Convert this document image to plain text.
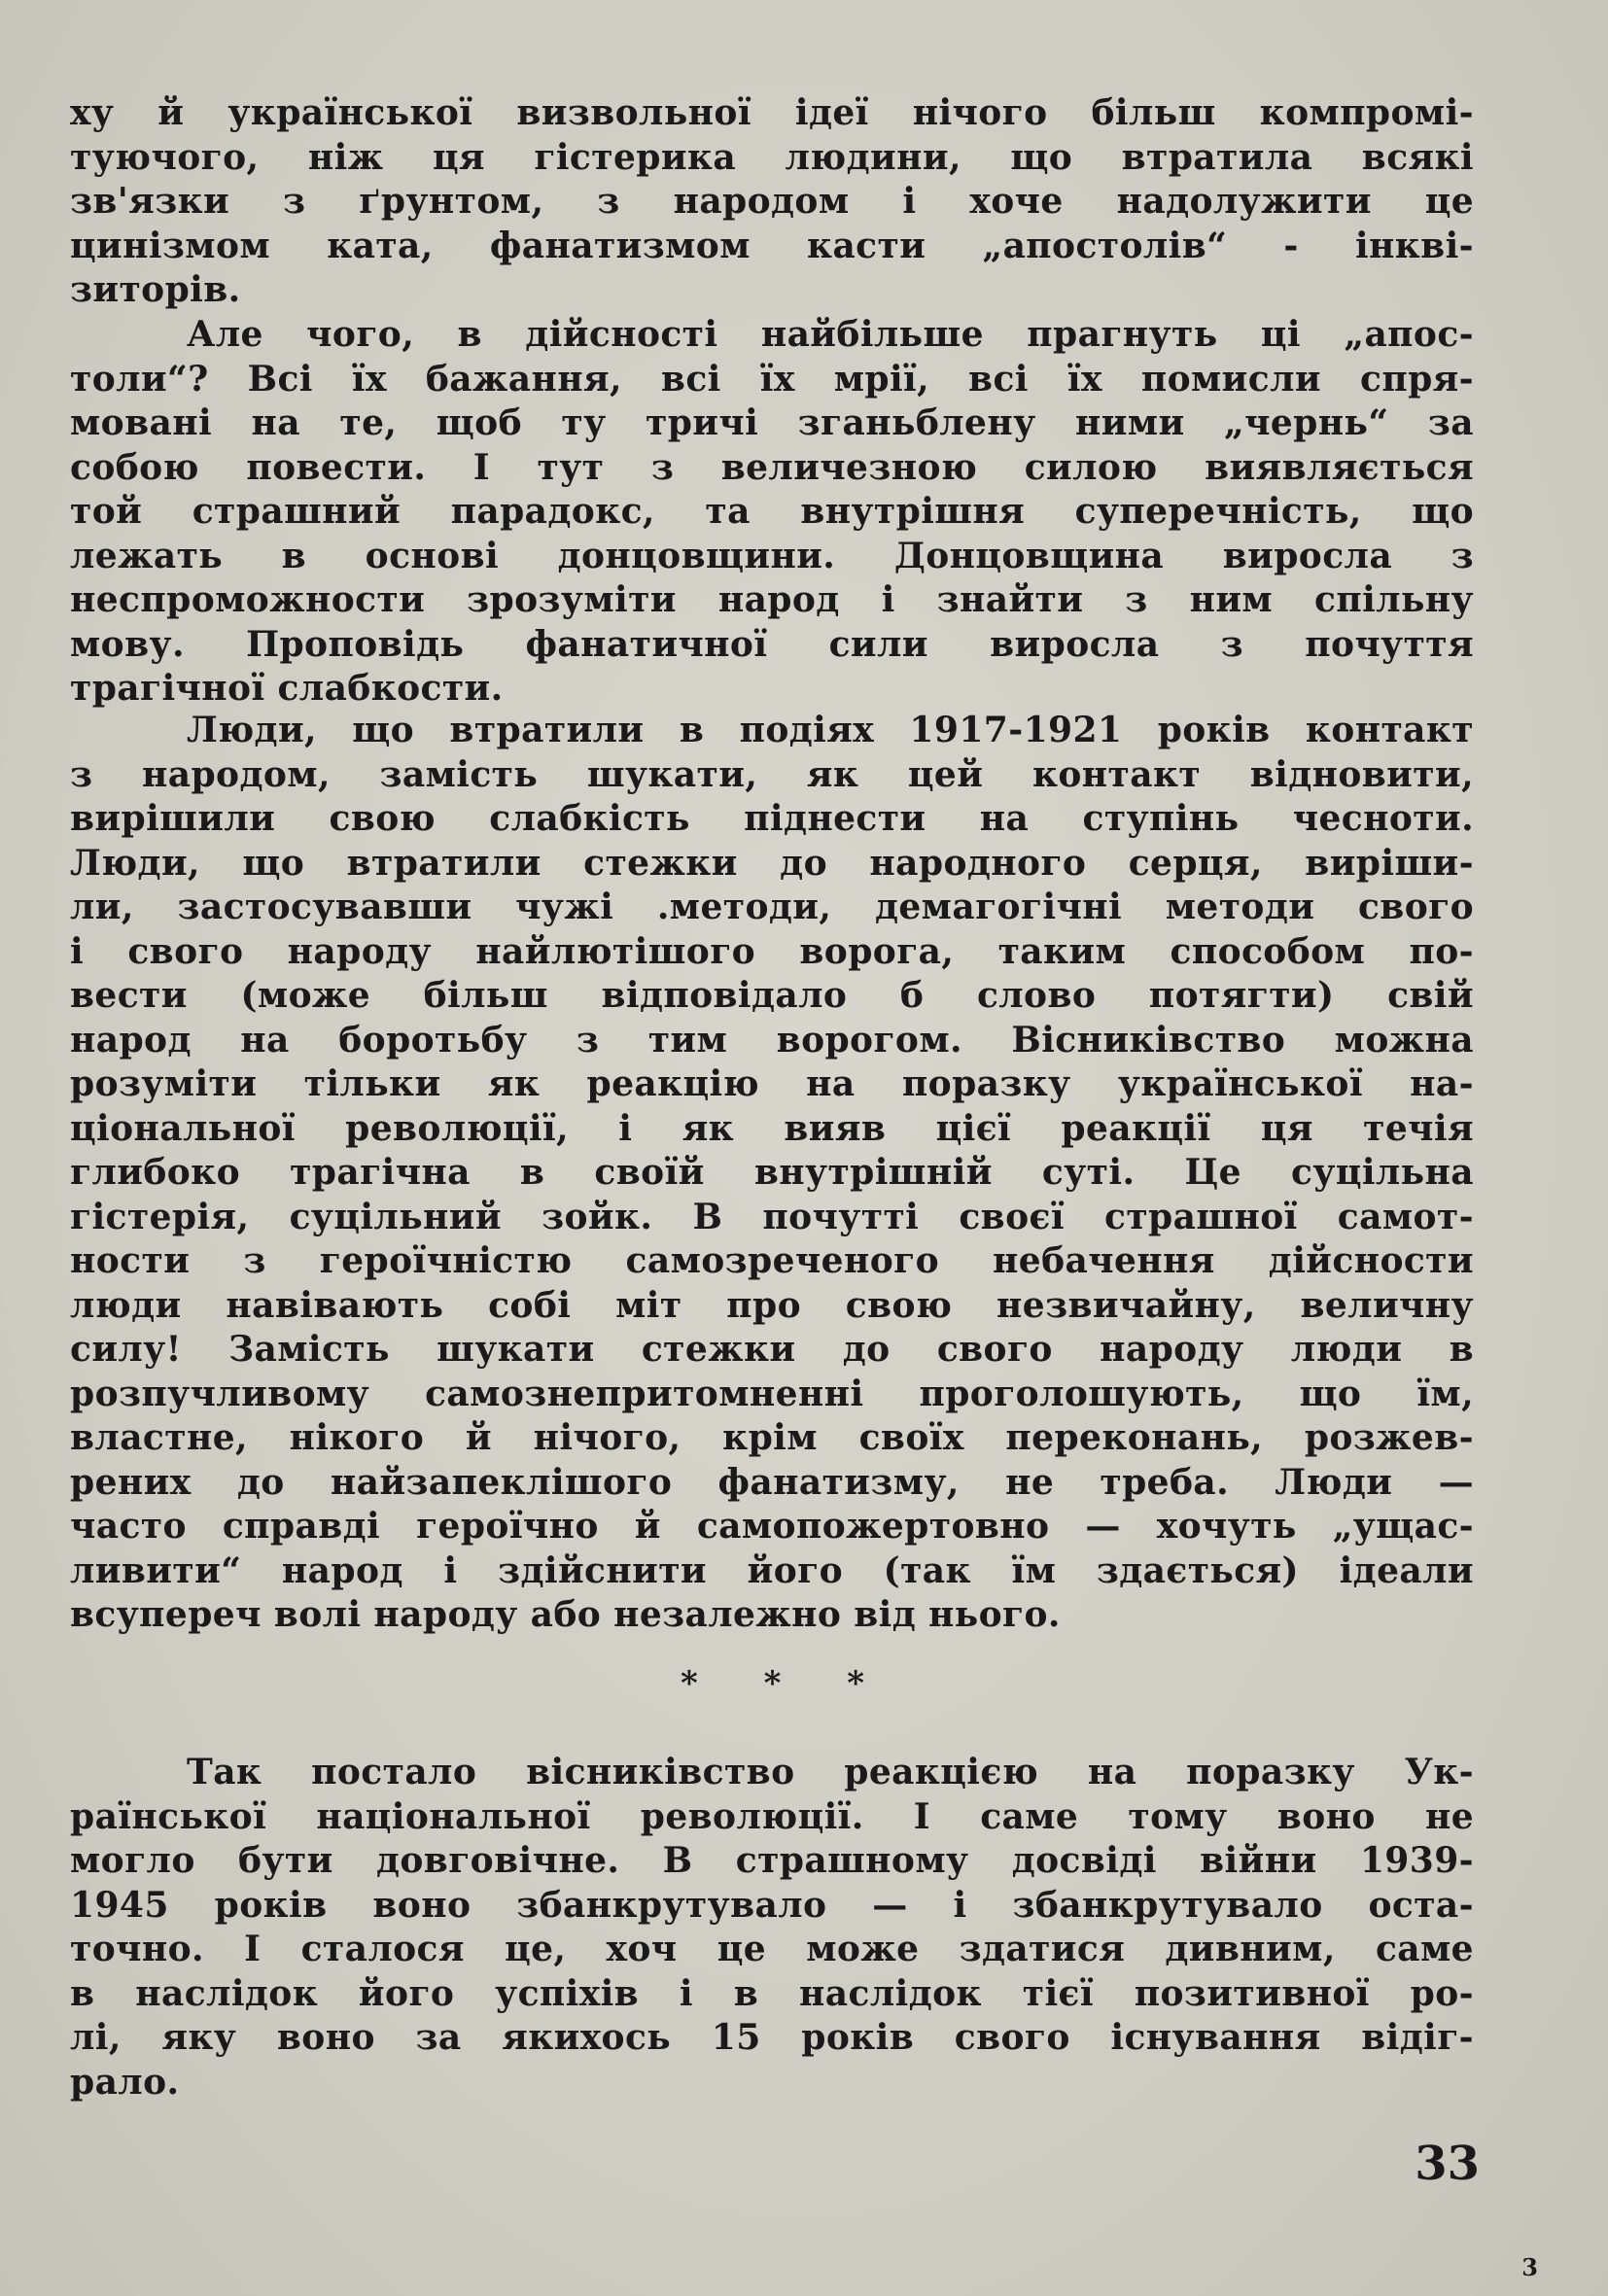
ху й української визвольної ідеї нічого більш компромі-
туючого, ніж ця гістерика людини, що втратила всякі
зв'язки з ґрунтом, з народом і хоче надолужити це
цинізмом ката, фанатизмом касти „апостолів“ - інкві-
зиторів.
Але чого, в дійсності найбільше прагнуть ці „апос-
толи“? Всі їх бажання, всі їх мрії, всі їх помисли спря-
мовані на те, щоб ту тричі зганьблену ними „чернь“ за
собою повести. І тут з величезною силою виявляється
той страшний парадокс, та внутрішня суперечність, що
лежать в основі донцовщини. Донцовщина виросла з
неспроможности зрозуміти народ і знайти з ним спільну
мову. Проповідь фанатичної сили виросла з почуття
трагічної слабкости.
Люди, що втратили в подіях 1917-1921 років контакт
з народом, замість шукати, як цей контакт відновити,
вирішили свою слабкість піднести на ступінь чесноти.
Люди, що втратили стежки до народного серця, виріши-
ли, застосувавши чужі .методи, демагогічні методи свого
і свого народу найлютішого ворога, таким способом по-
вести (може більш відповідало б слово потягти) свій
народ на боротьбу з тим ворогом. Вісниківство можна
розуміти тільки як реакцію на поразку української на-
ціональної революції, і як вияв цієї реакції ця течія
глибоко трагічна в своїй внутрішній суті. Це суцільна
гістерія, суцільний зойк. В почутті своєї страшної самот-
ности з героїчністю самозреченого небачення дійсности
люди навівають собі міт про свою незвичайну, величну
силу! Замість шукати стежки до свого народу люди в
розпучливому самознепритомненні проголошують, що їм,
властне, нікого й нічого, крім своїх переконань, розжев-
рених до найзапеклішого фанатизму, не треба. Люди —
часто справді героїчно й самопожертовно — хочуть „ущас-
ливити“ народ і здійснити його (так їм здається) ідеали
всупереч волі народу або незалежно від нього.
* * *
Так постало вісниківство реакцією на поразку Ук-
раїнської національної революції. І саме тому воно не
могло бути довговічне. В страшному досвіді війни 1939-
1945 років воно збанкрутувало — і збанкрутувало оста-
точно. І сталося це, хоч це може здатися дивним, саме
в наслідок його успіхів і в наслідок тієї позитивної ро-
лі, яку воно за якихось 15 років свого існування відіг-
рало.
33
3
